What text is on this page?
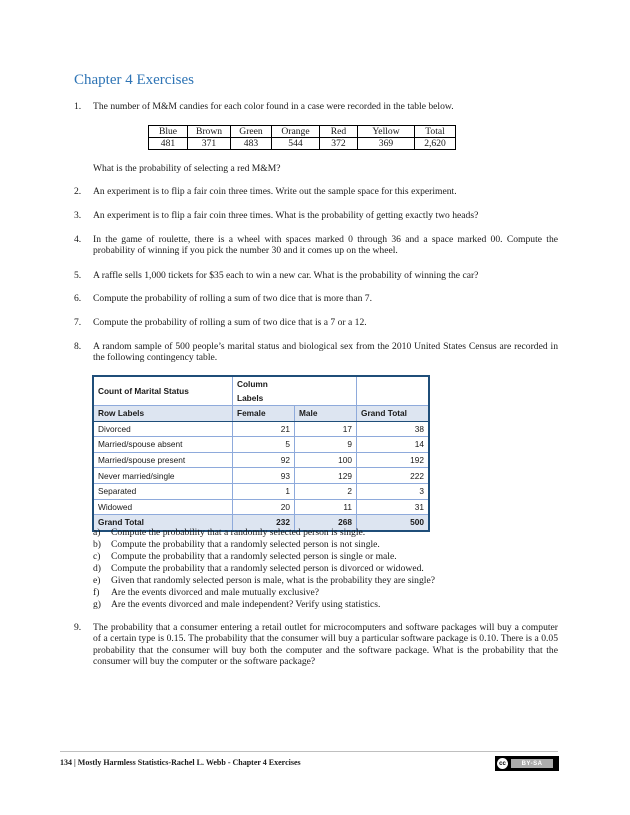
Chapter 4 Exercises
1. The number of M&M candies for each color found in a case were recorded in the table below.
Blue	Brown	Green	Orange	Red	Yellow	Total
481	371	483	544	372	369	2,620
What is the probability of selecting a red M&M?
2. An experiment is to flip a fair coin three times. Write out the sample space for this experiment.
3. An experiment is to flip a fair coin three times. What is the probability of getting exactly two heads?
4. In the game of roulette, there is a wheel with spaces marked 0 through 36 and a space marked 00. Compute the probability of winning if you pick the number 30 and it comes up on the wheel.
5. A raffle sells 1,000 tickets for $35 each to win a new car. What is the probability of winning the car?
6. Compute the probability of rolling a sum of two dice that is more than 7.
7. Compute the probability of rolling a sum of two dice that is a 7 or a 12.
8. A random sample of 500 people’s marital status and biological sex from the 2010 United States Census are recorded in the following contingency table.
Count of Marital Status	Column Labels		
Row Labels	Female	Male	Grand Total
Divorced	21	17	38
Married/spouse absent	5	9	14
Married/spouse present	92	100	192
Never married/single	93	129	222
Separated	1	2	3
Widowed	20	11	31
Grand Total	232	268	500
a) Compute the probability that a randomly selected person is single.
b) Compute the probability that a randomly selected person is not single.
c) Compute the probability that a randomly selected person is single or male.
d) Compute the probability that a randomly selected person is divorced or widowed.
e) Given that randomly selected person is male, what is the probability they are single?
f) Are the events divorced and male mutually exclusive?
g) Are the events divorced and male independent? Verify using statistics.
9. The probability that a consumer entering a retail outlet for microcomputers and software packages will buy a computer of a certain type is 0.15. The probability that the consumer will buy a particular software package is 0.10. There is a 0.05 probability that the consumer will buy both the computer and the software package. What is the probability that the consumer will buy the computer or the software package?
134 | Mostly Harmless Statistics-Rachel L. Webb - Chapter 4 Exercises	cc	BY-SA
